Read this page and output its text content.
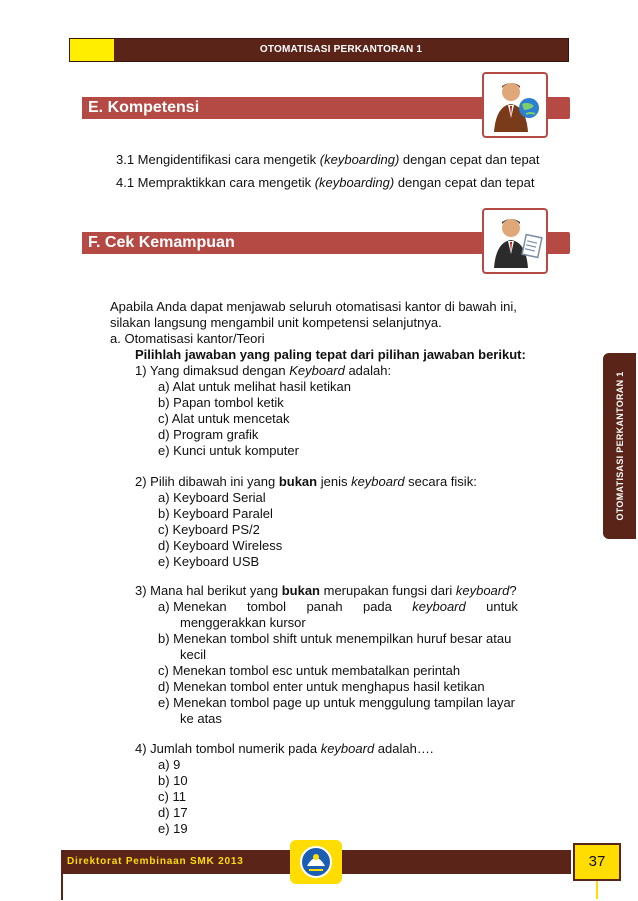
OTOMATISASI PERKANTORAN 1
E. Kompetensi
3.1 Mengidentifikasi cara mengetik (keyboarding) dengan cepat dan tepat
4.1 Mempraktikkan cara mengetik (keyboarding) dengan cepat dan tepat
F. Cek Kemampuan
Apabila Anda dapat menjawab seluruh otomatisasi kantor di bawah ini,
silakan langsung mengambil unit kompetensi selanjutnya.
a. Otomatisasi kantor/Teori
Pilihlah jawaban yang paling tepat dari pilihan jawaban berikut:
1) Yang dimaksud dengan Keyboard adalah:
a) Alat untuk melihat hasil ketikan
b) Papan tombol ketik
c) Alat untuk mencetak
d) Program grafik
e) Kunci untuk komputer
2) Pilih dibawah ini yang bukan jenis keyboard secara fisik:
a) Keyboard Serial
b) Keyboard Paralel
c) Keyboard PS/2
d) Keyboard Wireless
e) Keyboard USB
3) Mana hal berikut yang bukan merupakan fungsi dari keyboard?
a) Menekan tombol panah pada keyboard untuk
menggerakkan kursor
b) Menekan tombol shift untuk menempilkan huruf besar atau
kecil
c) Menekan tombol esc untuk membatalkan perintah
d) Menekan tombol enter untuk menghapus hasil ketikan
e) Menekan tombol page up untuk menggulung tampilan layar
ke atas
4) Jumlah tombol numerik pada keyboard adalah….
a) 9
b) 10
c) 11
d) 17
e) 19
OTOMATISASI PERKANTORAN 1
Direktorat Pembinaan SMK 2013	37
